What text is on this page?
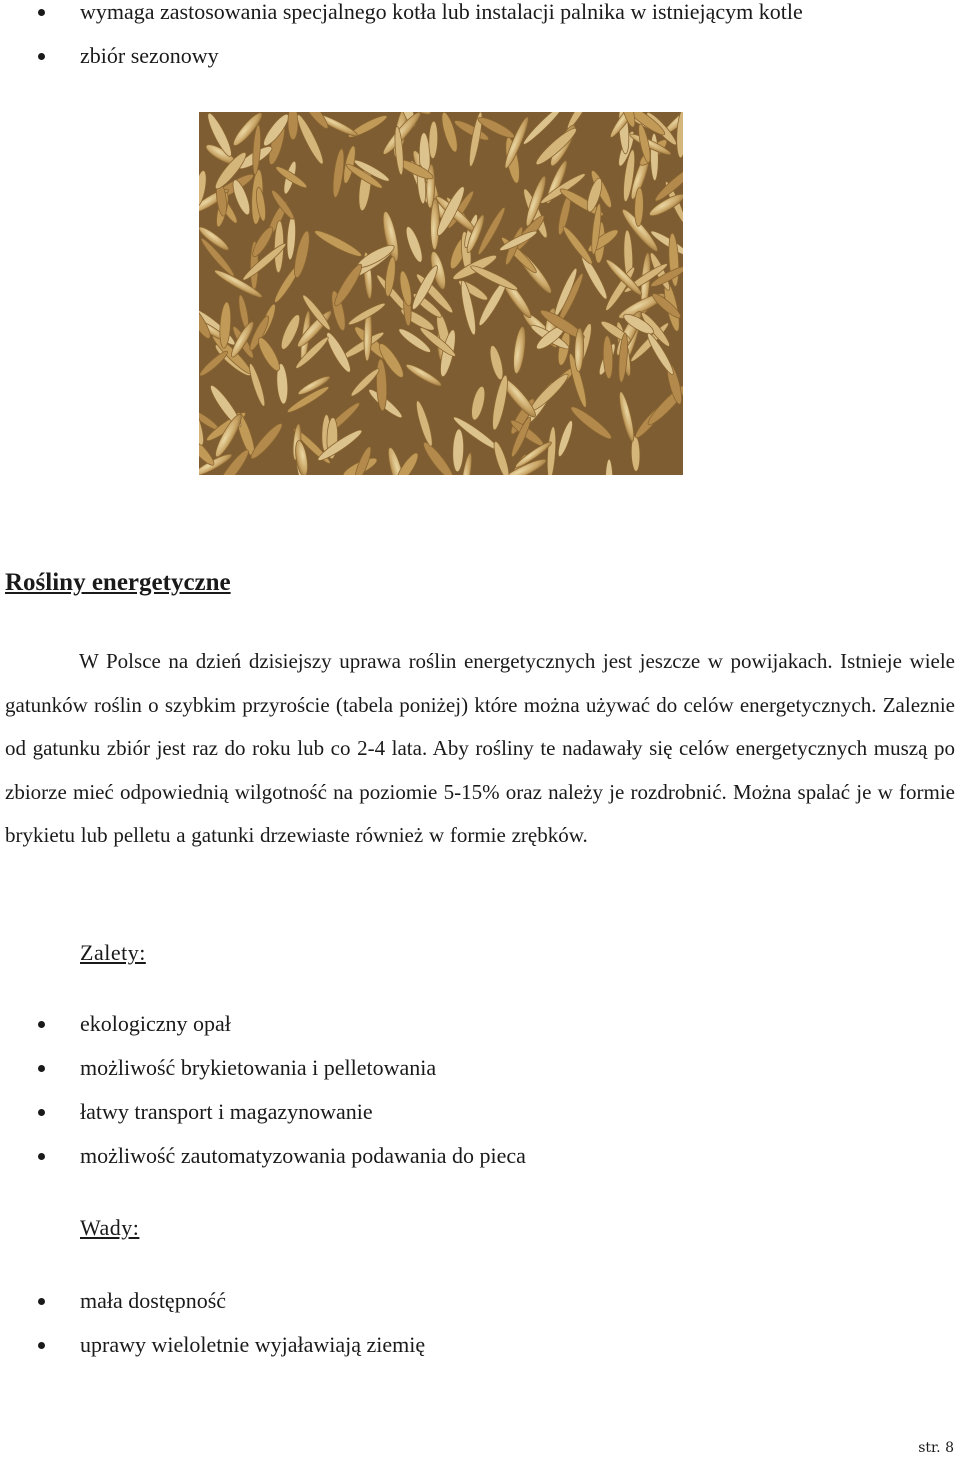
wymaga zastosowania specjalnego kotła lub instalacji palnika w istniejącym kotle
zbiór sezonowy
Rośliny energetyczne

W Polsce na dzień dzisiejszy uprawa roślin energetycznych jest jeszcze w powijakach. Istnieje wiele gatunków roślin o szybkim przyroście (tabela poniżej) które można używać do celów energetycznych. Zaleznie od gatunku zbiór jest raz do roku lub co 2-4 lata. Aby rośliny te nadawały się celów energetycznych muszą po zbiorze mieć odpowiednią wilgotność na poziomie 5-15% oraz należy je rozdrobnić. Można spalać je w formie brykietu lub pelletu a gatunki drzewiaste również w formie zrębków.

Zalety:
ekologiczny opał
możliwość brykietowania i pelletowania
łatwy transport i magazynowanie
możliwość zautomatyzowania podawania do pieca
Wady:
mała dostępność
uprawy wieloletnie wyjaławiają ziemię
str. 8
